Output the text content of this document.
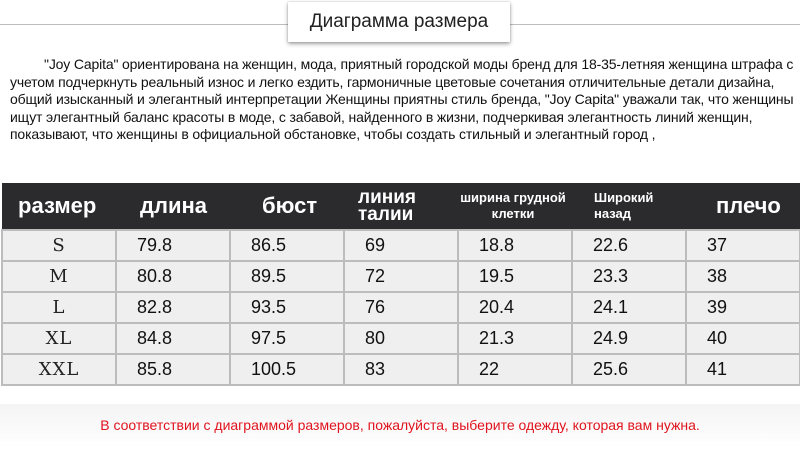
Диаграмма размера
"Joy Capita" ориентирована на женщин, мода, приятный городской моды бренд для 18-35-летняя женщина штрафа с учетом подчеркнуть реальный износ и легко ездить, гармоничные цветовые сочетания отличительные детали дизайна, общий изысканный и элегантный интерпретации Женщины приятны стиль бренда, "Joy Capita" уважали так, что женщины ищут элегантный баланс красоты в моде, с забавой, найденного в жизни, подчеркивая элегантность линий женщин, показывают, что женщины в официальной обстановке, чтобы создать стильный и элегантный город ,
размер	длина	бюст	линия талии	ширина грудной клетки	Широкий назад	плечо
S	79.8	86.5	69	18.8	22.6	37
M	80.8	89.5	72	19.5	23.3	38
L	82.8	93.5	76	20.4	24.1	39
XL	84.8	97.5	80	21.3	24.9	40
XXL	85.8	100.5	83	22	25.6	41
В соответствии с диаграммой размеров, пожалуйста, выберите одежду, которая вам нужна.
